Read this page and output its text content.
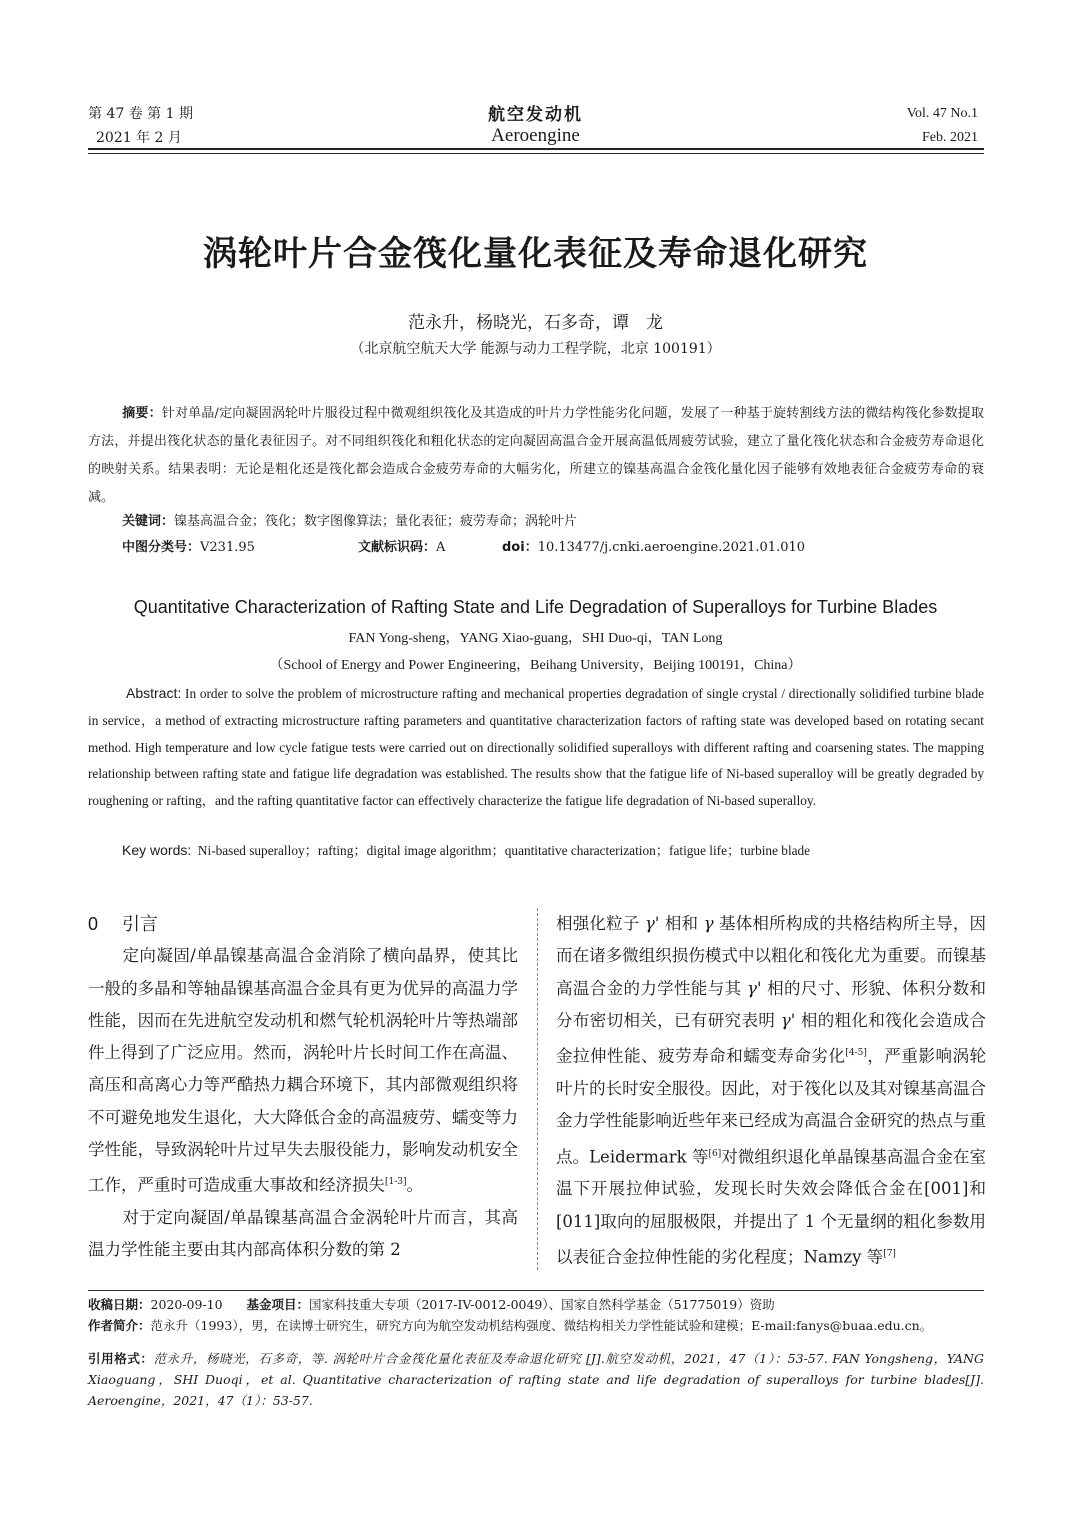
第 47 卷 第 1 期
2021 年 2 月
航空发动机
Aeroengine
Vol. 47 No.1
Feb. 2021
涡轮叶片合金筏化量化表征及寿命退化研究
范永升，杨晓光，石多奇，谭　龙
（北京航空航天大学 能源与动力工程学院，北京 100191）
摘要：针对单晶/定向凝固涡轮叶片服役过程中微观组织筏化及其造成的叶片力学性能劣化问题，发展了一种基于旋转割线方法的微结构筏化参数提取方法，并提出筏化状态的量化表征因子。对不同组织筏化和粗化状态的定向凝固高温合金开展高温低周疲劳试验，建立了量化筏化状态和合金疲劳寿命退化的映射关系。结果表明：无论是粗化还是筏化都会造成合金疲劳寿命的大幅劣化，所建立的镍基高温合金筏化量化因子能够有效地表征合金疲劳寿命的衰减。
关键词：镍基高温合金；筏化；数字图像算法；量化表征；疲劳寿命；涡轮叶片
中图分类号：V231.95	文献标识码：A	doi：10.13477/j.cnki.aeroengine.2021.01.010
Quantitative Characterization of Rafting State and Life Degradation of Superalloys for Turbine Blades
FAN Yong-sheng，YANG Xiao-guang，SHI Duo-qi，TAN Long
（School of Energy and Power Engineering，Beihang University，Beijing 100191，China）
Abstract: In order to solve the problem of microstructure rafting and mechanical properties degradation of single crystal / directionally solidified turbine blade in service，a method of extracting microstructure rafting parameters and quantitative characterization factors of rafting state was developed based on rotating secant method. High temperature and low cycle fatigue tests were carried out on directionally solidified superalloys with different rafting and coarsening states. The mapping relationship between rafting state and fatigue life degradation was established. The results show that the fatigue life of Ni-based superalloy will be greatly degraded by roughening or rafting，and the rafting quantitative factor can effectively characterize the fatigue life degradation of Ni-based superalloy.
Key words: Ni-based superalloy；rafting；digital image algorithm；quantitative characterization；fatigue life；turbine blade

0 引言

定向凝固/单晶镍基高温合金消除了横向晶界，使其比一般的多晶和等轴晶镍基高温合金具有更为优异的高温力学性能，因而在先进航空发动机和燃气轮机涡轮叶片等热端部件上得到了广泛应用。然而，涡轮叶片长时间工作在高温、高压和高离心力等严酷热力耦合环境下，其内部微观组织将不可避免地发生退化，大大降低合金的高温疲劳、蠕变等力学性能，导致涡轮叶片过早失去服役能力，影响发动机安全工作，严重时可造成重大事故和经济损失[1-3]。

对于定向凝固/单晶镍基高温合金涡轮叶片而言，其高温力学性能主要由其内部高体积分数的第 2

相强化粒子 γ' 相和 γ 基体相所构成的共格结构所主导，因而在诸多微组织损伤模式中以粗化和筏化尤为重要。而镍基高温合金的力学性能与其 γ' 相的尺寸、形貌、体积分数和分布密切相关，已有研究表明 γ' 相的粗化和筏化会造成合金拉伸性能、疲劳寿命和蠕变寿命劣化[4-5]，严重影响涡轮叶片的长时安全服役。因此，对于筏化以及其对镍基高温合金力学性能影响近些年来已经成为高温合金研究的热点与重点。Leidermark 等[6]对微组织退化单晶镍基高温合金在室温下开展拉伸试验，发现长时失效会降低合金在[001]和[011]取向的屈服极限，并提出了 1 个无量纲的粗化参数用以表征合金拉伸性能的劣化程度；Namzy 等[7]

收稿日期：2020-09-10 基金项目：国家科技重大专项（2017-IV-0012-0049）、国家自然科学基金（51775019）资助
作者简介：范永升（1993），男，在读博士研究生，研究方向为航空发动机结构强度、微结构相关力学性能试验和建模；E-mail:fanys@buaa.edu.cn。
引用格式：范永升，杨晓光，石多奇，等. 涡轮叶片合金筏化量化表征及寿命退化研究 [J].航空发动机，2021，47（1）：53-57. FAN Yongsheng，YANG Xiaoguang，SHI Duoqi，et al. Quantitative characterization of rafting state and life degradation of superalloys for turbine blades[J]. Aeroengine，2021，47（1）：53-57.
